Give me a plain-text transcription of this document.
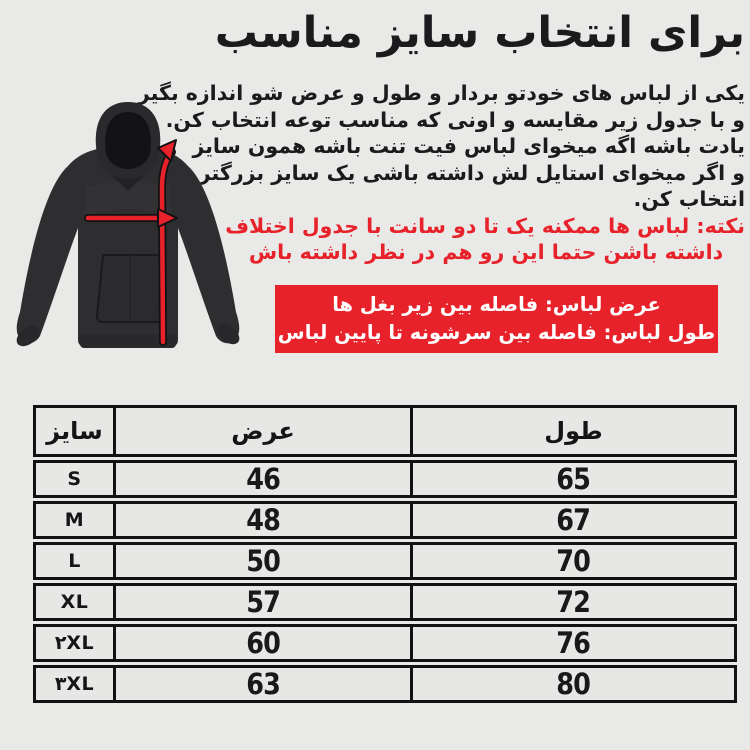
برای انتخاب سایز مناسب
یکی از لباس های خودتو بردار و طول و عرض شو اندازه بگیر
و با جدول زیر مقایسه و اونی که مناسب توعه انتخاب کن.
یادت باشه اگه میخوای لباس فیت تنت باشه همون سایز
و اگر میخوای استایل لش داشته باشی یک سایز بزرگتر
انتخاب کن.
نکته: لباس ها ممکنه یک تا دو سانت با جدول اختلاف
داشته باشن حتما این رو هم در نظر داشته باش
عرض لباس: فاصله بین زیر بغل ها
طول لباس: فاصله بین سرشونه تا پایین لباس
سایز	عرض	طول
S	46	65
M	48	67
L	50	70
XL	57	72
۲XL	60	76
۳XL	63	80
